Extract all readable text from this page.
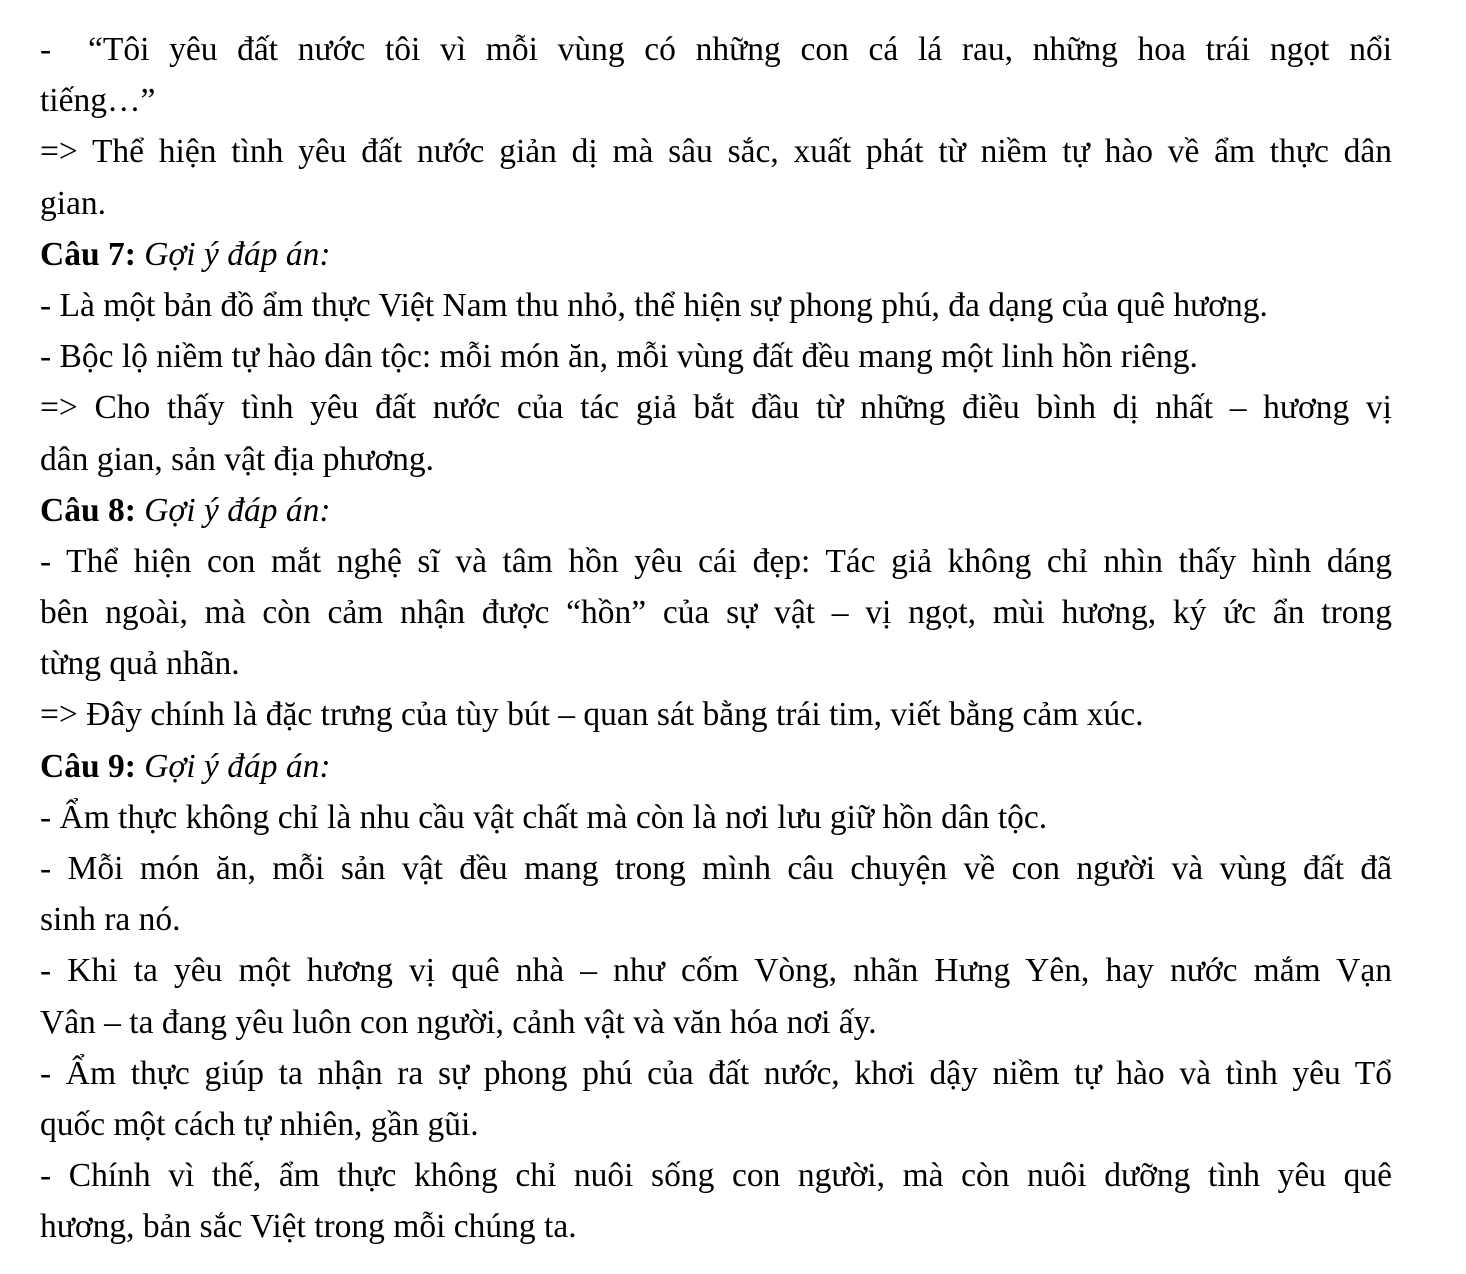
- “Tôi yêu đất nước tôi vì mỗi vùng có những con cá lá rau, những hoa trái ngọt nổi
tiếng…”
=> Thể hiện tình yêu đất nước giản dị mà sâu sắc, xuất phát từ niềm tự hào về ẩm thực dân
gian.
Câu 7: Gợi ý đáp án:
- Là một bản đồ ẩm thực Việt Nam thu nhỏ, thể hiện sự phong phú, đa dạng của quê hương.
- Bộc lộ niềm tự hào dân tộc: mỗi món ăn, mỗi vùng đất đều mang một linh hồn riêng.
=> Cho thấy tình yêu đất nước của tác giả bắt đầu từ những điều bình dị nhất – hương vị
dân gian, sản vật địa phương.
Câu 8: Gợi ý đáp án:
- Thể hiện con mắt nghệ sĩ và tâm hồn yêu cái đẹp: Tác giả không chỉ nhìn thấy hình dáng
bên ngoài, mà còn cảm nhận được “hồn” của sự vật – vị ngọt, mùi hương, ký ức ẩn trong
từng quả nhãn.
=> Đây chính là đặc trưng của tùy bút – quan sát bằng trái tim, viết bằng cảm xúc.
Câu 9: Gợi ý đáp án:
- Ẩm thực không chỉ là nhu cầu vật chất mà còn là nơi lưu giữ hồn dân tộc.
- Mỗi món ăn, mỗi sản vật đều mang trong mình câu chuyện về con người và vùng đất đã
sinh ra nó.
- Khi ta yêu một hương vị quê nhà – như cốm Vòng, nhãn Hưng Yên, hay nước mắm Vạn
Vân – ta đang yêu luôn con người, cảnh vật và văn hóa nơi ấy.
- Ẩm thực giúp ta nhận ra sự phong phú của đất nước, khơi dậy niềm tự hào và tình yêu Tổ
quốc một cách tự nhiên, gần gũi.
- Chính vì thế, ẩm thực không chỉ nuôi sống con người, mà còn nuôi dưỡng tình yêu quê
hương, bản sắc Việt trong mỗi chúng ta.
